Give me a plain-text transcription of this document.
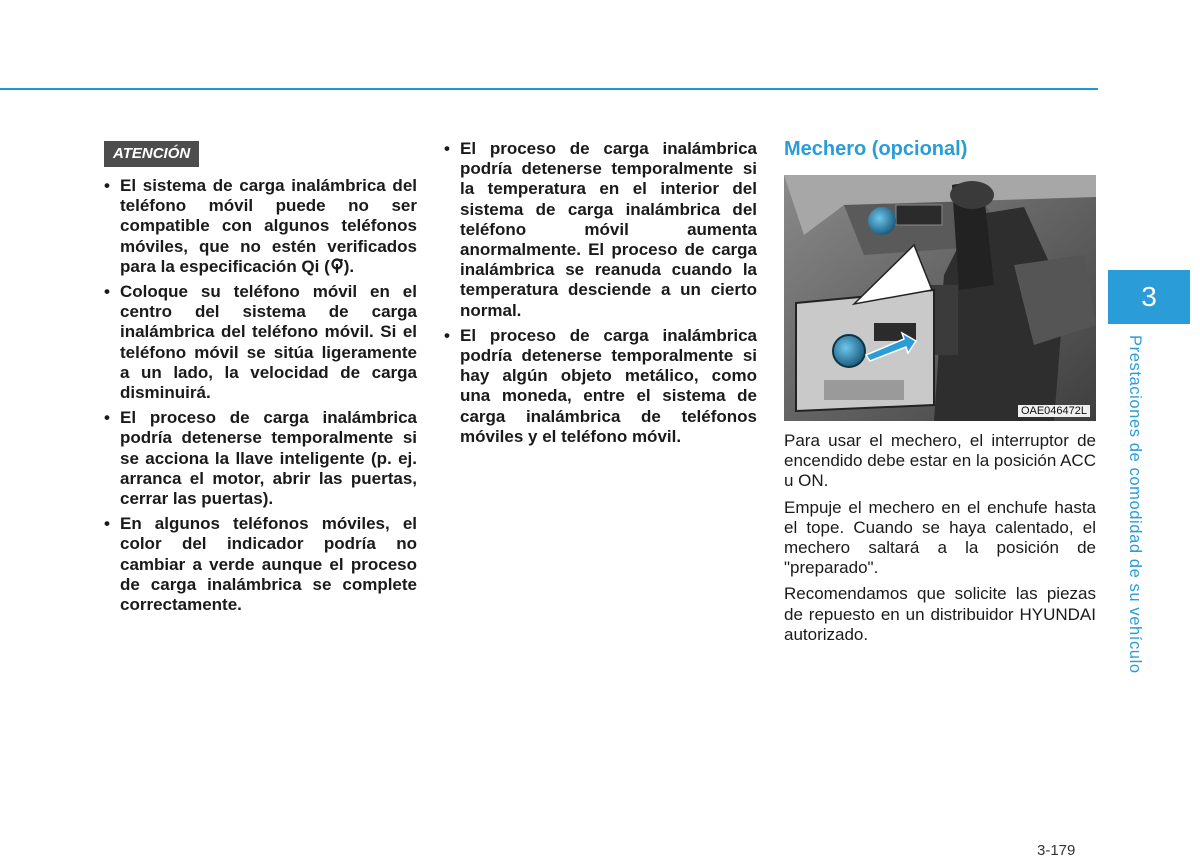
ATENCIÓN
• El sistema de carga inalámbrica del teléfono móvil puede no ser compatible con algunos teléfonos móviles, que no estén verificados para la especificación Qi ( ).
• Coloque su teléfono móvil en el centro del sistema de carga inalámbrica del teléfono móvil. Si el teléfono móvil se sitúa ligeramente a un lado, la velocidad de carga disminuirá.
• El proceso de carga inalámbrica podría detenerse temporalmente si se acciona la llave inteligente (p. ej. arranca el motor, abrir las puertas, cerrar las puertas).
• En algunos teléfonos móviles, el color del indicador podría no cambiar a verde aunque el proceso de carga inalámbrica se complete correctamente.
• El proceso de carga inalámbrica podría detenerse temporalmente si la temperatura en el interior del sistema de carga inalámbrica del teléfono móvil aumenta anormalmente. El proceso de carga inalámbrica se reanuda cuando la temperatura desciende a un cierto normal.
• El proceso de carga inalámbrica podría detenerse temporalmente si hay algún objeto metálico, como una moneda, entre el sistema de carga inalámbrica de teléfonos móviles y el teléfono móvil.
Mechero (opcional)
OAE046472L

Para usar el mechero, el interruptor de encendido debe estar en la posición ACC u ON.

Empuje el mechero en el enchufe hasta el tope. Cuando se haya calentado, el mechero saltará a la posición de "preparado".

Recomendamos que solicite las piezas de repuesto en un distribuidor HYUNDAI autorizado.

3
Prestaciones de comodidad de su vehículo
3-179
